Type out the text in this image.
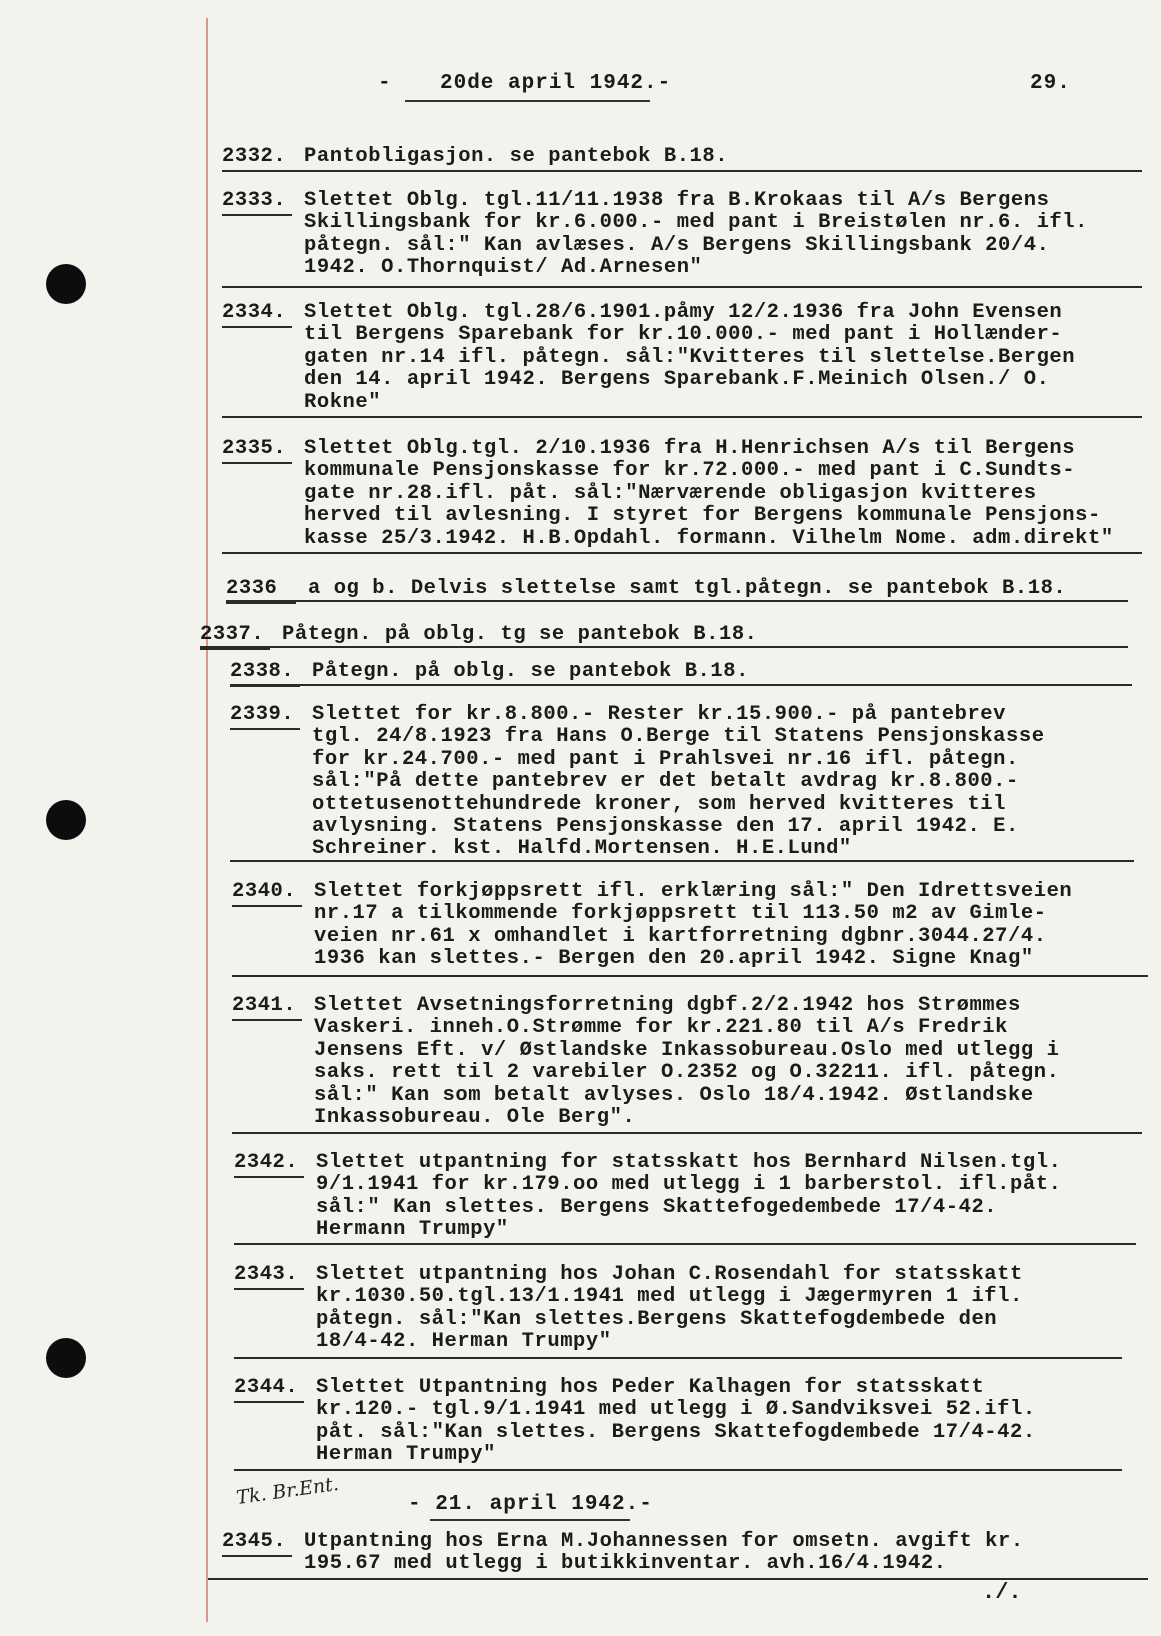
- 20de april 1942.-	29.
2332. Pantobligasjon. se pantebok B.18.
2333. Slettet Oblg. tgl.11/11.1938 fra B.Krokaas til A/s Bergens
Skillingsbank for kr.6.000.- med pant i Breistølen nr.6. ifl.
påtegn. sål:" Kan avlæses. A/s Bergens Skillingsbank 20/4.
1942. O.Thornquist/ Ad.Arnesen"
2334. Slettet Oblg. tgl.28/6.1901.påmy 12/2.1936 fra John Evensen
til Bergens Sparebank for kr.10.000.- med pant i Hollænder-
gaten nr.14 ifl. påtegn. sål:"Kvitteres til slettelse.Bergen
den 14. april 1942. Bergens Sparebank.F.Meinich Olsen./ O.
Rokne"
2335. Slettet Oblg.tgl. 2/10.1936 fra H.Henrichsen A/s til Bergens
kommunale Pensjonskasse for kr.72.000.- med pant i C.Sundts-
gate nr.28.ifl. påt. sål:"Nærværende obligasjon kvitteres
herved til avlesning. I styret for Bergens kommunale Pensjons-
kasse 25/3.1942. H.B.Opdahl. formann. Vilhelm Nome. adm.direkt"
2336 a og b. Delvis slettelse samt tgl.påtegn. se pantebok B.18.
2337. Påtegn. på oblg. tg se pantebok B.18.
2338. Påtegn. på oblg. se pantebok B.18.
2339. Slettet for kr.8.800.- Rester kr.15.900.- på pantebrev
tgl. 24/8.1923 fra Hans O.Berge til Statens Pensjonskasse
for kr.24.700.- med pant i Prahlsvei nr.16 ifl. påtegn.
sål:"På dette pantebrev er det betalt avdrag kr.8.800.-
ottetusenottehundrede kroner, som herved kvitteres til
avlysning. Statens Pensjonskasse den 17. april 1942. E.
Schreiner. kst. Halfd.Mortensen. H.E.Lund"
2340. Slettet forkjøppsrett ifl. erklæring sål:" Den Idrettsveien
nr.17 a tilkommende forkjøppsrett til 113.50 m2 av Gimle-
veien nr.61 x omhandlet i kartforretning dgbnr.3044.27/4.
1936 kan slettes.- Bergen den 20.april 1942. Signe Knag"
2341. Slettet Avsetningsforretning dgbf.2/2.1942 hos Strømmes
Vaskeri. inneh.O.Strømme for kr.221.80 til A/s Fredrik
Jensens Eft. v/ Østlandske Inkassobureau.Oslo med utlegg i
saks. rett til 2 varebiler O.2352 og O.32211. ifl. påtegn.
sål:" Kan som betalt avlyses. Oslo 18/4.1942. Østlandske
Inkassobureau. Ole Berg".
2342. Slettet utpantning for statsskatt hos Bernhard Nilsen.tgl.
9/1.1941 for kr.179.oo med utlegg i 1 barberstol. ifl.påt.
sål:" Kan slettes. Bergens Skattefogedembede 17/4-42.
Hermann Trumpy"
2343. Slettet utpantning hos Johan C.Rosendahl for statsskatt
kr.1030.50.tgl.13/1.1941 med utlegg i Jægermyren 1 ifl.
påtegn. sål:"Kan slettes.Bergens Skattefogdembede den
18/4-42. Herman Trumpy"
2344. Slettet Utpantning hos Peder Kalhagen for statsskatt
kr.120.- tgl.9/1.1941 med utlegg i Ø.Sandviksvei 52.ifl.
påt. sål:"Kan slettes. Bergens Skattefogdembede 17/4-42.
Herman Trumpy"
2345. Utpantning hos Erna M.Johannessen for omsetn. avgift kr.
195.67 med utlegg i butikkinventar. avh.16/4.1942.
Tk. Br.Ent.	- 21. april 1942.-
./.
